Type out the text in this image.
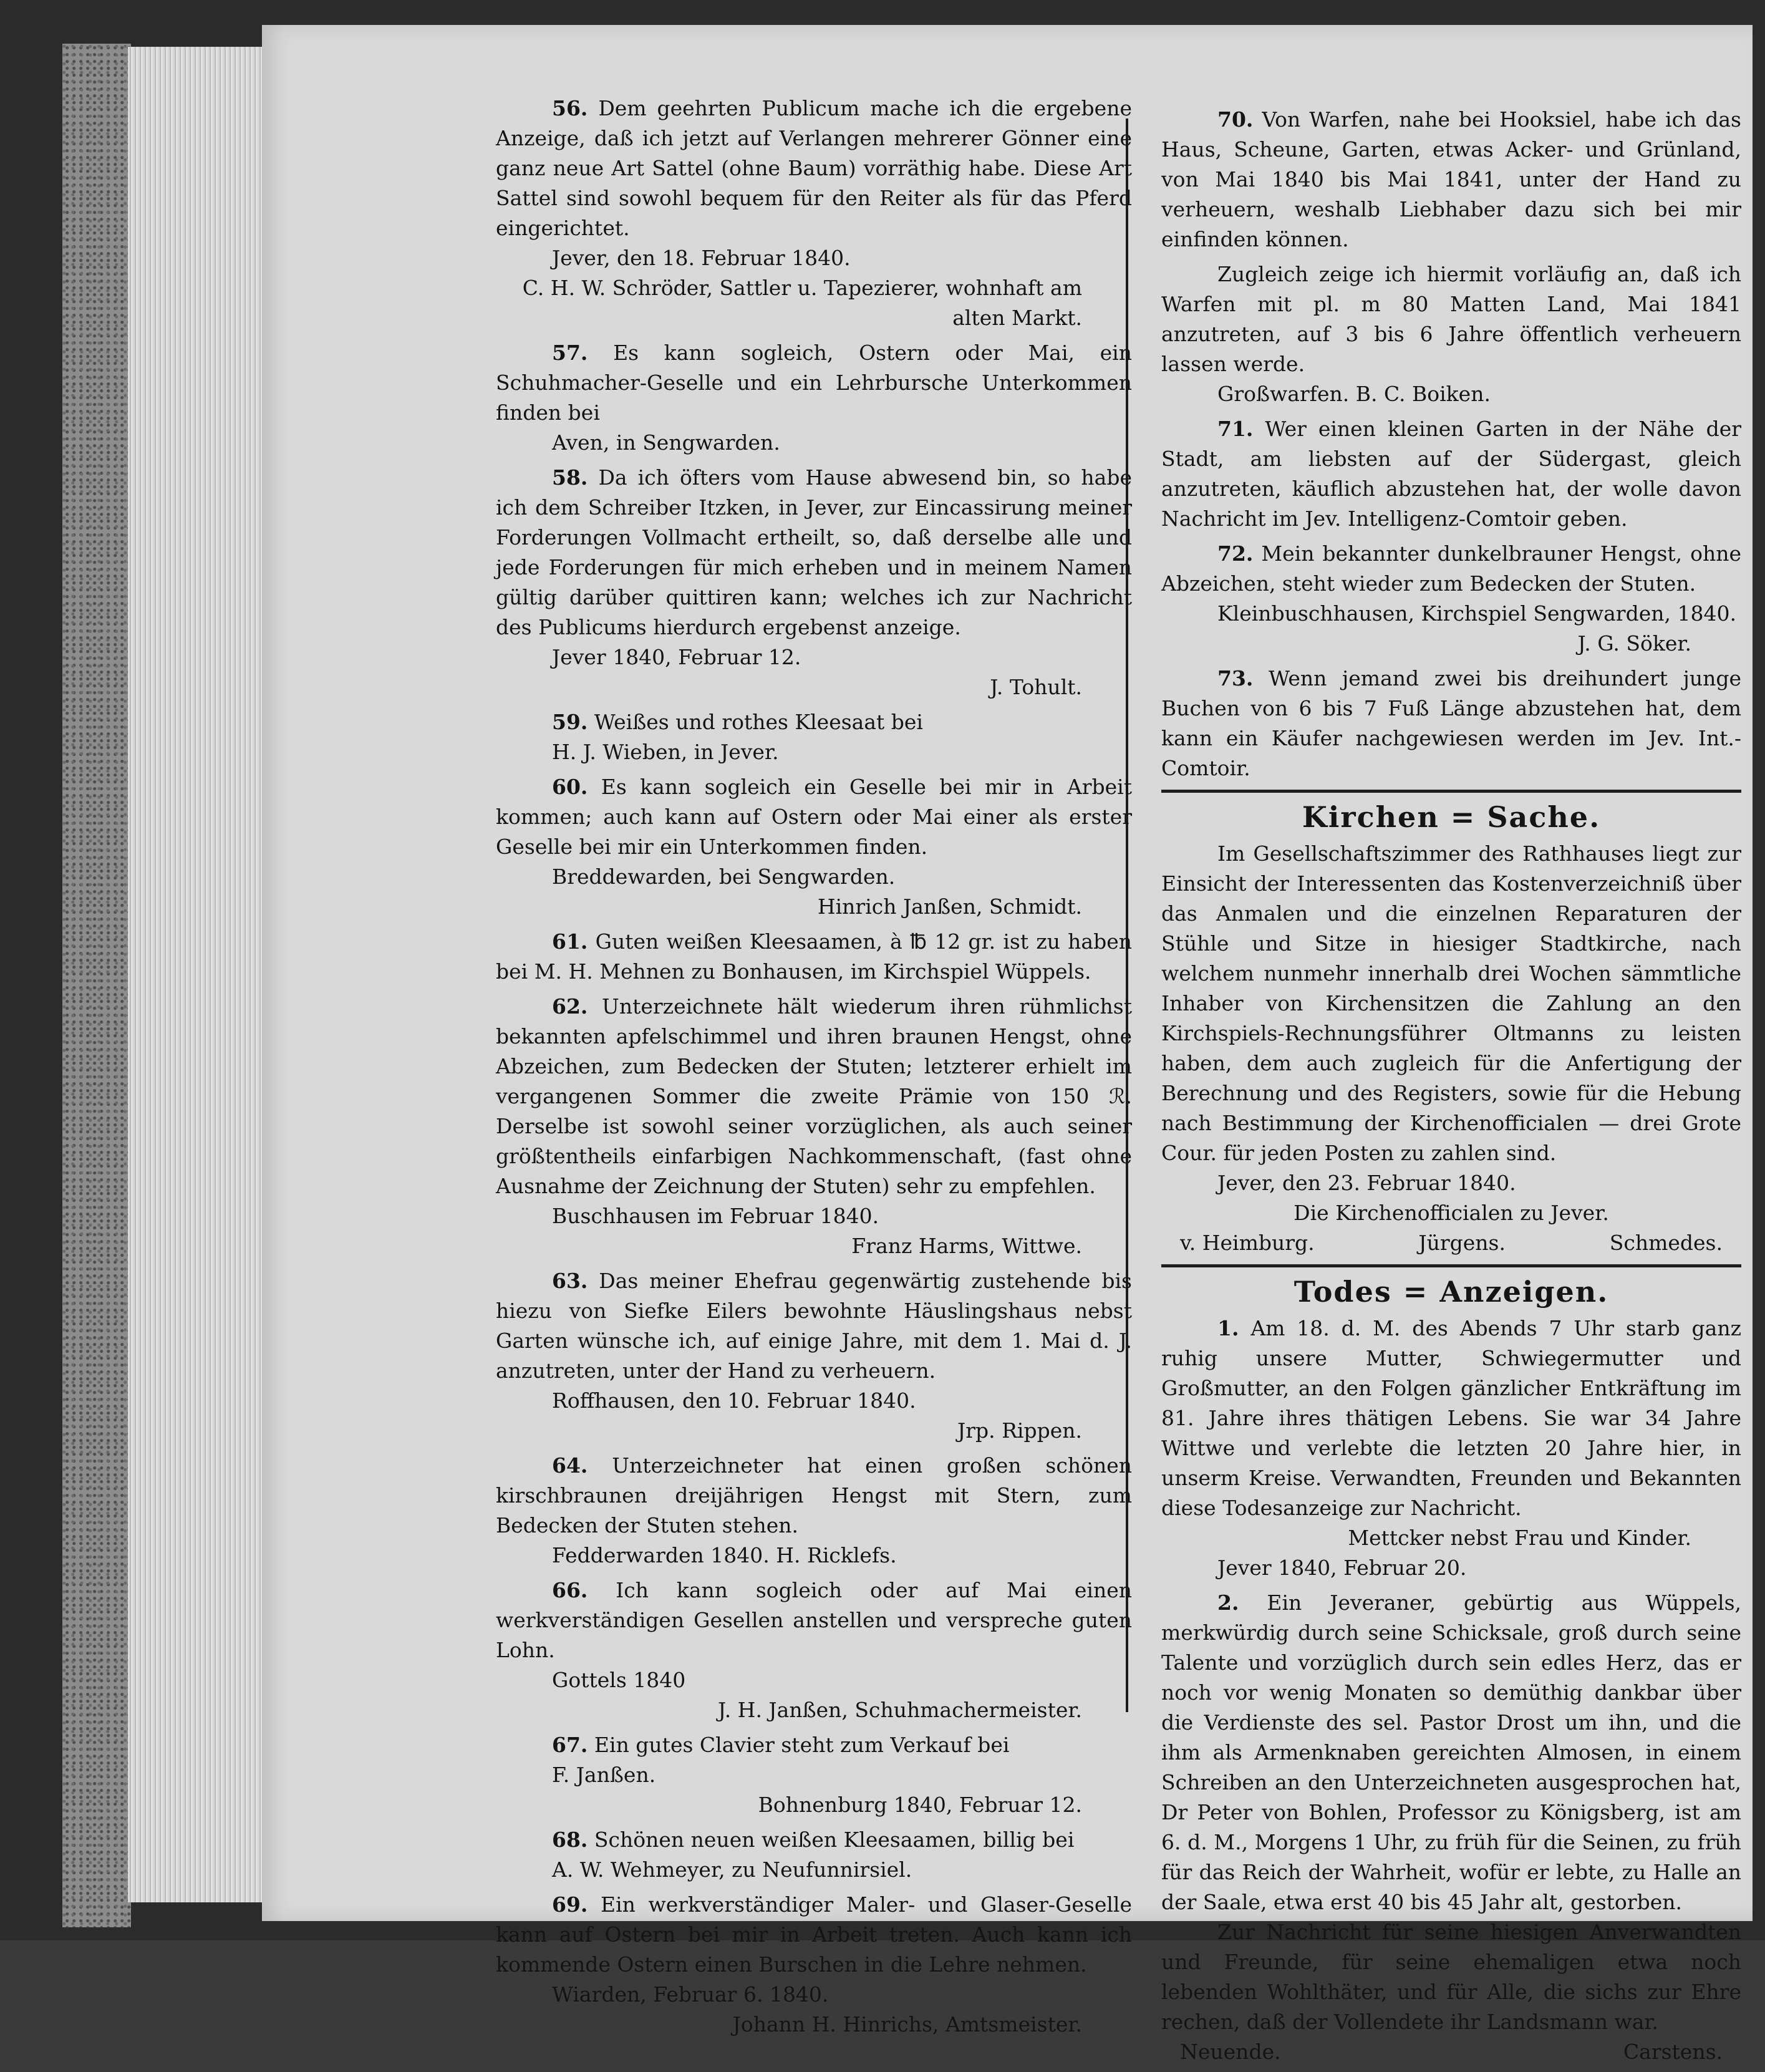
56. Dem geehrten Publicum mache ich die ergebene Anzeige, daß ich jetzt auf Verlangen mehrerer Gönner eine ganz neue Art Sattel (ohne Baum) vorräthig habe. Diese Art Sattel sind sowohl bequem für den Reiter als für das Pferd eingerichtet.

Jever, den 18. Februar 1840.

C. H. W. Schröder, Sattler u. Tapezierer, wohnhaft am alten Markt.

57. Es kann sogleich, Ostern oder Mai, ein Schuhmacher-Geselle und ein Lehrbursche Unterkommen finden bei

Aven, in Sengwarden.

58. Da ich öfters vom Hause abwesend bin, so habe ich dem Schreiber Itzken, in Jever, zur Eincassirung meiner Forderungen Vollmacht ertheilt, so, daß derselbe alle und jede Forderungen für mich erheben und in meinem Namen gültig darüber quittiren kann; welches ich zur Nachricht des Publicums hierdurch ergebenst anzeige.

Jever 1840, Februar 12.

J. Tohult.

59. Weißes und rothes Kleesaat bei

H. J. Wieben, in Jever.

60. Es kann sogleich ein Geselle bei mir in Arbeit kommen; auch kann auf Ostern oder Mai einer als erster Geselle bei mir ein Unterkommen finden.

Breddewarden, bei Sengwarden.

Hinrich Janßen, Schmidt.

61. Guten weißen Kleesaamen, à ℔ 12 gr. ist zu haben bei M. H. Mehnen zu Bonhausen, im Kirchspiel Wüppels.

62. Unterzeichnete hält wiederum ihren rühmlichst bekannten apfelschimmel und ihren braunen Hengst, ohne Abzeichen, zum Bedecken der Stuten; letzterer erhielt im vergangenen Sommer die zweite Prämie von 150 ℛ. Derselbe ist sowohl seiner vorzüglichen, als auch seiner größtentheils einfarbigen Nachkommenschaft, (fast ohne Ausnahme der Zeichnung der Stuten) sehr zu empfehlen.

Buschhausen im Februar 1840.

Franz Harms, Wittwe.

63. Das meiner Ehefrau gegenwärtig zustehende bis hiezu von Siefke Eilers bewohnte Häuslingshaus nebst Garten wünsche ich, auf einige Jahre, mit dem 1. Mai d. J. anzutreten, unter der Hand zu verheuern.

Roffhausen, den 10. Februar 1840.

Jrp. Rippen.

64. Unterzeichneter hat einen großen schönen kirschbraunen dreijährigen Hengst mit Stern, zum Bedecken der Stuten stehen.

Fedderwarden 1840. H. Ricklefs.

66. Ich kann sogleich oder auf Mai einen werkverständigen Gesellen anstellen und verspreche guten Lohn.

Gottels 1840

J. H. Janßen, Schuhmachermeister.

67. Ein gutes Clavier steht zum Verkauf bei

F. Janßen.

Bohnenburg 1840, Februar 12.

68. Schönen neuen weißen Kleesaamen, billig bei

A. W. Wehmeyer, zu Neufunnirsiel.

69. Ein werkverständiger Maler- und Glaser-Geselle kann auf Ostern bei mir in Arbeit treten. Auch kann ich kommende Ostern einen Burschen in die Lehre nehmen.

Wiarden, Februar 6. 1840.

Johann H. Hinrichs, Amtsmeister.

70. Von Warfen, nahe bei Hooksiel, habe ich das Haus, Scheune, Garten, etwas Acker- und Grünland, von Mai 1840 bis Mai 1841, unter der Hand zu verheuern, weshalb Liebhaber dazu sich bei mir einfinden können.

Zugleich zeige ich hiermit vorläufig an, daß ich Warfen mit pl. m 80 Matten Land, Mai 1841 anzutreten, auf 3 bis 6 Jahre öffentlich verheuern lassen werde.

Großwarfen. B. C. Boiken.

71. Wer einen kleinen Garten in der Nähe der Stadt, am liebsten auf der Südergast, gleich anzutreten, käuflich abzustehen hat, der wolle davon Nachricht im Jev. Intelligenz-Comtoir geben.

72. Mein bekannter dunkelbrauner Hengst, ohne Abzeichen, steht wieder zum Bedecken der Stuten.

Kleinbuschhausen, Kirchspiel Sengwarden, 1840.

J. G. Söker.

73. Wenn jemand zwei bis dreihundert junge Buchen von 6 bis 7 Fuß Länge abzustehen hat, dem kann ein Käufer nachgewiesen werden im Jev. Int.-Comtoir.

Kirchen = Sache.

Im Gesellschaftszimmer des Rathhauses liegt zur Einsicht der Interessenten das Kostenverzeichniß über das Anmalen und die einzelnen Reparaturen der Stühle und Sitze in hiesiger Stadtkirche, nach welchem nunmehr innerhalb drei Wochen sämmtliche Inhaber von Kirchensitzen die Zahlung an den Kirchspiels-Rechnungsführer Oltmanns zu leisten haben, dem auch zugleich für die Anfertigung der Berechnung und des Registers, sowie für die Hebung nach Bestimmung der Kirchenofficialen — drei Grote Cour. für jeden Posten zu zahlen sind.

Jever, den 23. Februar 1840.

Die Kirchenofficialen zu Jever.

v. Heimburg.	Jürgens.	Schmedes.
Todes = Anzeigen.

1. Am 18. d. M. des Abends 7 Uhr starb ganz ruhig unsere Mutter, Schwiegermutter und Großmutter, an den Folgen gänzlicher Entkräftung im 81. Jahre ihres thätigen Lebens. Sie war 34 Jahre Wittwe und verlebte die letzten 20 Jahre hier, in unserm Kreise. Verwandten, Freunden und Bekannten diese Todesanzeige zur Nachricht.

Mettcker nebst Frau und Kinder.

Jever 1840, Februar 20.

2. Ein Jeveraner, gebürtig aus Wüppels, merkwürdig durch seine Schicksale, groß durch seine Talente und vorzüglich durch sein edles Herz, das er noch vor wenig Monaten so demüthig dankbar über die Verdienste des sel. Pastor Drost um ihn, und die ihm als Armenknaben gereichten Almosen, in einem Schreiben an den Unterzeichneten ausgesprochen hat, Dr Peter von Bohlen, Professor zu Königsberg, ist am 6. d. M., Morgens 1 Uhr, zu früh für die Seinen, zu früh für das Reich der Wahrheit, wofür er lebte, zu Halle an der Saale, etwa erst 40 bis 45 Jahr alt, gestorben.

Zur Nachricht für seine hiesigen Anverwandten und Freunde, für seine ehemaligen etwa noch lebenden Wohlthäter, und für Alle, die sichs zur Ehre rechen, daß der Vollendete ihr Landsmann war.

Neuende.	Carstens.
